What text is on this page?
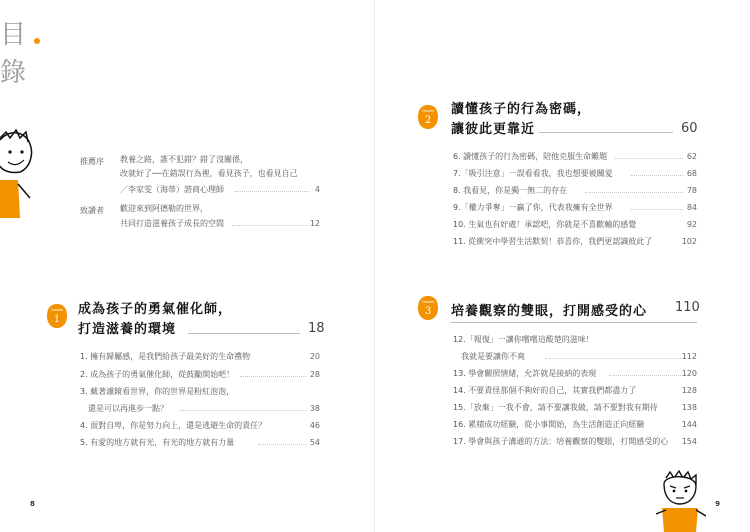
目
錄
推薦序 教養之路，誰不犯錯？錯了沒關係，
改就好了──在錯誤行為裡，看見孩子，也看見自己
／李家雯（海蒂）諮商心理師	4
致讀者 歡迎來到阿德勒的世界，
共同打造滋養孩子成長的空間	12
Chapter
1
成為孩子的勇氣催化師，
打造滋養的環境	18
1. 擁有歸屬感，是我們給孩子最美好的生命禮物	20
2. 成為孩子的勇氣催化師，從鼓勵開始吧！	28
3. 戴著濾鏡看世界，你的世界是粉紅泡泡，
還是可以再進步一點？	38
4. 面對自卑，你是努力向上，還是逃避生命的責任？	46
5. 有愛的地方就有光，有光的地方就有力量	54
8
Chapter
2
讀懂孩子的行為密碼，
讓彼此更靠近	60
6. 讀懂孩子的行為密碼，陪他克服生命難題	62
7.「吸引注意」一誤看看我，我也想要被關愛	68
8. 我看見，你是獨一無二的存在	78
9.「權力爭奪」一贏了你，代表我擁有全世界	84
10. 生氣也有好處！承認吧，你就是不喜歡輸的感覺	92
11. 從衝突中學習生活默契！恭喜你，我們更認識彼此了	102
Chapter
3 培養觀察的雙眼，打開感受的心 110
12.「報復」一讓你嚐嚐這酸楚的滋味！
我就是要讓你不爽	112
13. 學會關照情緒，允許就是接納的表現	120
14. 不要責怪那個不夠好的自己，其實我們都盡力了	128
15.「放棄」一我不會，請不要讓我做，請不要對我有期待	138
16. 累積成功經驗，從小事開始，為生活創造正向經驗	144
17. 學會與孩子溝通的方法：培養觀察的雙眼，打開感受的心 154
9
